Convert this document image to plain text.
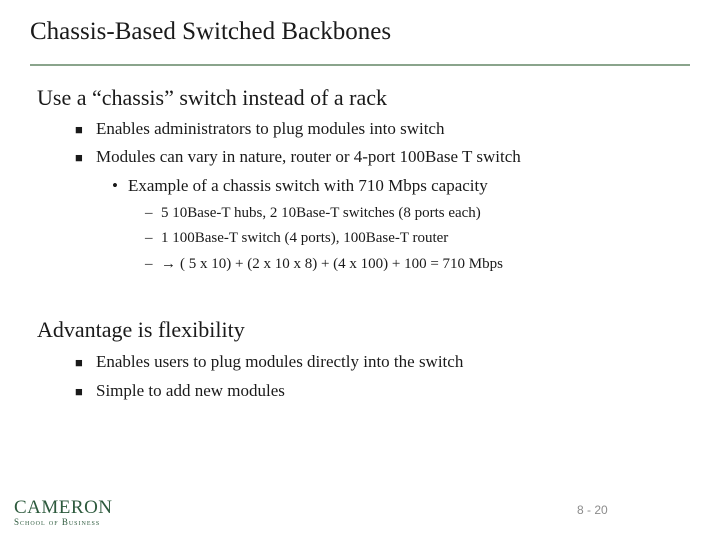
Chassis-Based Switched Backbones
Use a “chassis” switch instead of a rack
■ Enables administrators to plug modules into switch
■ Modules can vary in nature, router or 4-port 100Base T switch
• Example of a chassis switch with 710 Mbps capacity
– 5 10Base-T hubs, 2 10Base-T switches (8 ports each)
– 1 100Base-T switch (4 ports), 100Base-T router
– → ( 5 x 10) + (2 x 10 x 8) + (4 x 100) + 100 = 710 Mbps
Advantage is flexibility
■ Enables users to plug modules directly into the switch
■ Simple to add new modules
CAMERON
School of Business
8 - 20
